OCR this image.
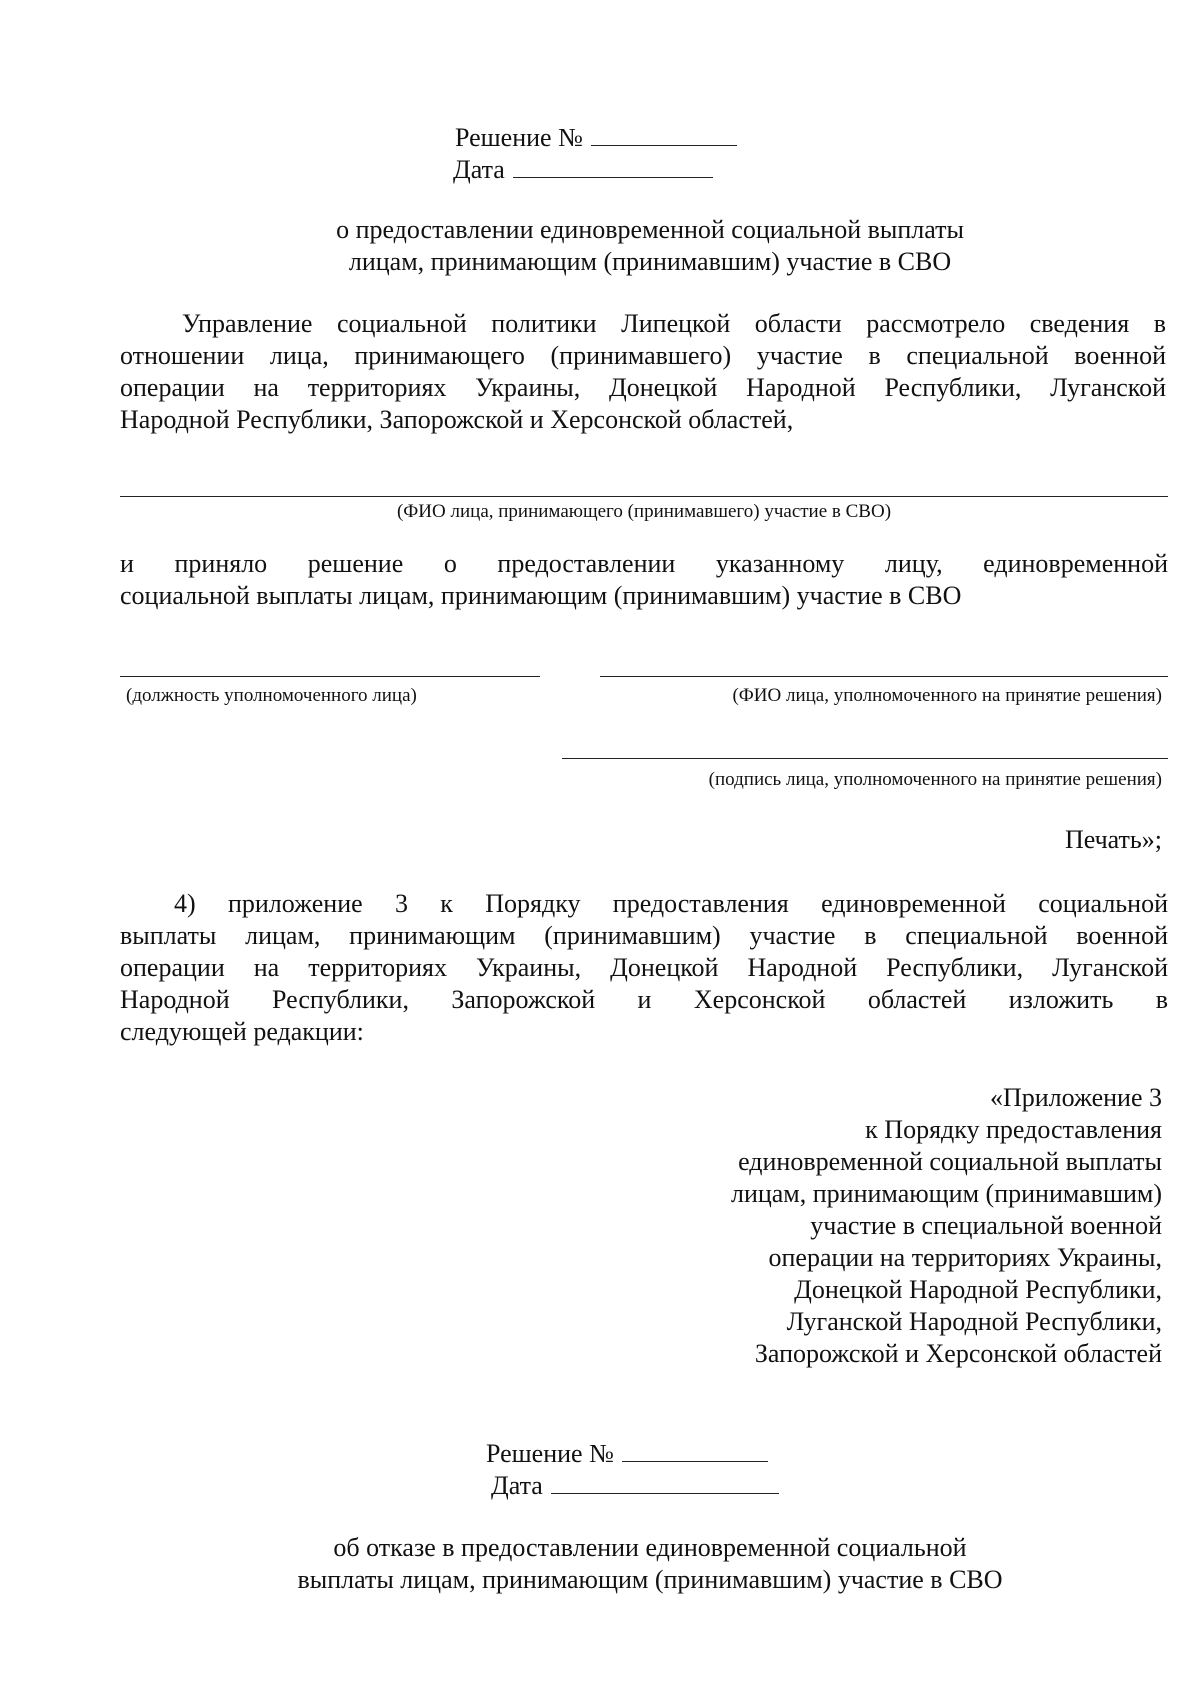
Решение №
Дата
о предоставлении единовременной социальной выплаты
лицам, принимающим (принимавшим) участие в СВО
Управление социальной политики Липецкой области рассмотрело сведения в
отношении лица, принимающего (принимавшего) участие в специальной военной
операции на территориях Украины, Донецкой Народной Республики, Луганской
Народной Республики, Запорожской и Херсонской областей,
(ФИО лица, принимающего (принимавшего) участие в СВО)
и приняло решение о предоставлении указанному лицу, единовременной
социальной выплаты лицам, принимающим (принимавшим) участие в СВО
(должность уполномоченного лица)	(ФИО лица, уполномоченного на принятие решения)
(подпись лица, уполномоченного на принятие решения)
Печать»;
4) приложение 3 к Порядку предоставления единовременной социальной
выплаты лицам, принимающим (принимавшим) участие в специальной военной
операции на территориях Украины, Донецкой Народной Республики, Луганской
Народной Республики, Запорожской и Херсонской областей изложить в
следующей редакции:
«Приложение 3
к Порядку предоставления
единовременной социальной выплаты
лицам, принимающим (принимавшим)
участие в специальной военной
операции на территориях Украины,
Донецкой Народной Республики,
Луганской Народной Республики,
Запорожской и Херсонской областей
Решение №
Дата
об отказе в предоставлении единовременной социальной
выплаты лицам, принимающим (принимавшим) участие в СВО
